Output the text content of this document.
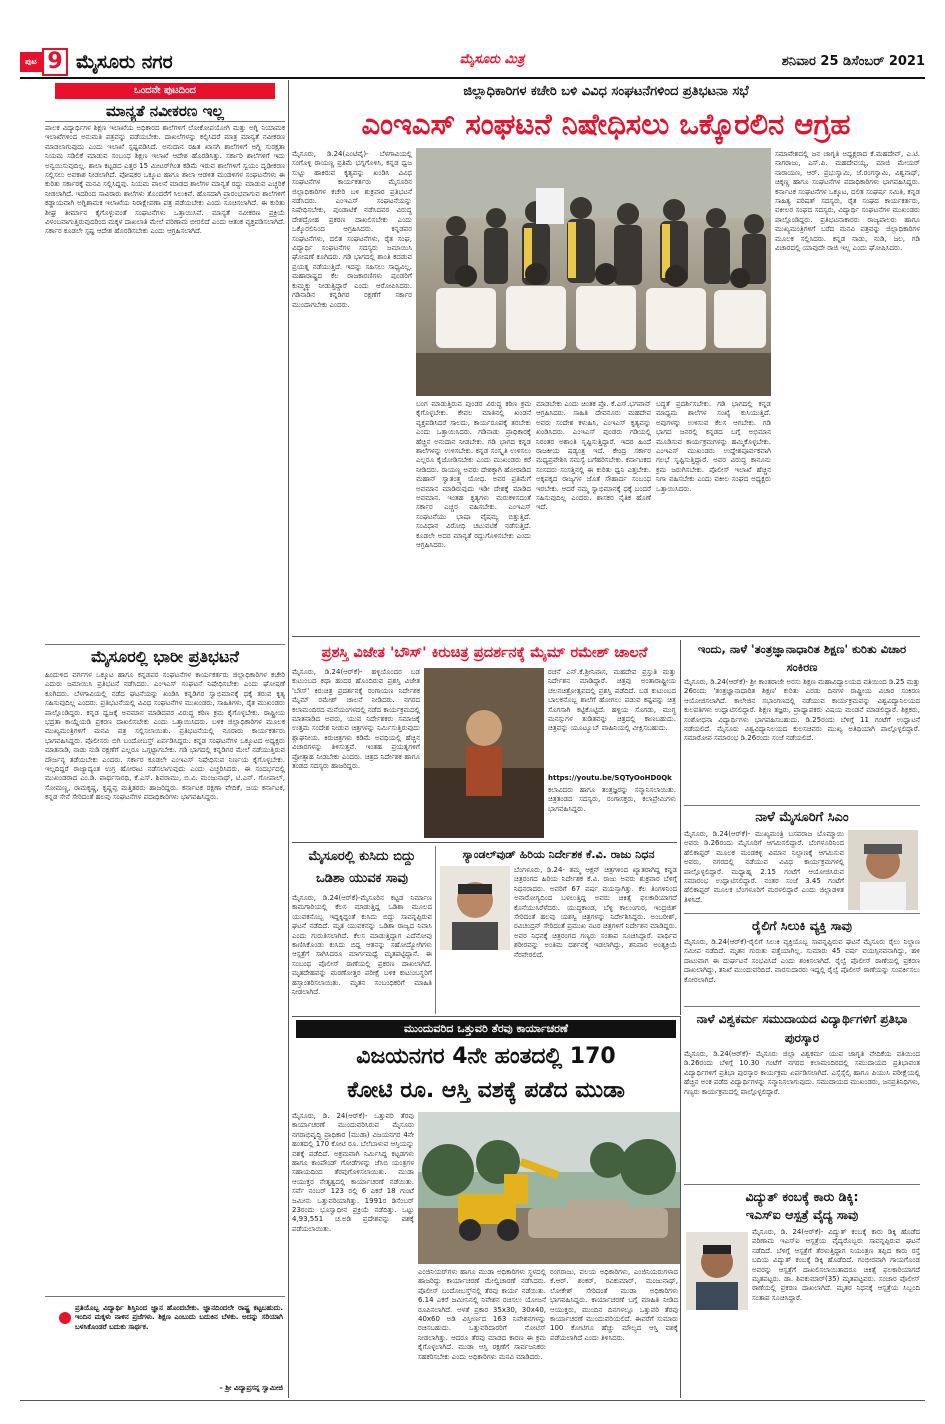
ಪುಟ 9 ಮೈಸೂರು ನಗರ	ಮೈಸೂರು ಮಿತ್ರ	ಶನಿವಾರ 25 ಡಿಸೆಂಬರ್ 2021
ಒಂದನೇ ಪುಟದಿಂದ
ಮಾನ್ಯತೆ ನವೀಕರಣ ಇಲ್ಲ
ಪಾಲಕ ವಿದ್ಯಾರ್ಥಿಗಳ ಶಿಕ್ಷಣ ಇಲಾಖೆಯ ಅಧಿಕಾರದ ಶಾಲೆಗಳಿಗೆ ಲೋಕೋಪಯೋಗಿ ಮತ್ತು ಅಗ್ನಿ ನಿಯಾಮಕ ಇಲಾಖೆಗಳಿಂದ ಅನುಮತಿ ಪತ್ರವನ್ನು ಪಡೆಯಬೇಕು. ದಾಖಲೆಗಳನ್ನು ಕಲ್ಪಿಸಿದರೆ ಮಾತ್ರ ಮಾನ್ಯತೆ ನವೀಕರಣ ಮಾಡಲಾಗುವುದು ಎಂದು ಇಲಾಖೆ ಸ್ಪಷ್ಟಪಡಿಸಿದೆ. ಅನುದಾನ ರಹಿತ ಖಾಸಗಿ ಶಾಲೆಗಳಿಗೆ ಅಗ್ನಿ ಸುರಕ್ಷತಾ ನಿಯಮ ಸಡಿಲಿಕೆ ಮಾಡುವ ಸಂಬಂಧ ಶಿಕ್ಷಣ ಇಲಾಖೆ ಆದೇಶ ಹೊರಡಿಸಿತ್ತು. ಸರ್ಕಾರಿ ಶಾಲೆಗಳಿಗೆ ಇದು ಅನ್ವಯಿಸುವುದಿಲ್ಲ. ಶಾಲಾ ಕಟ್ಟಡದ ಎತ್ತರ 15 ಮೀಟರ್‌ಗಿಂತ ಕಡಿಮೆ ಇರುವ ಶಾಲೆಗಳಿಗೆ ಸ್ವಯಂ ದೃಢೀಕರಣ ಸಲ್ಲಿಸಲು ಅವಕಾಶ ನೀಡಲಾಗಿದೆ. ಪೋಷಕರ ಒಕ್ಕೂಟ ಹಾಗೂ ಶಾಲಾ ಆಡಳಿತ ಮಂಡಳಿಗಳ ಸಂಘಟನೆಗಳು ಈ ಕುರಿತು ಸರ್ಕಾರಕ್ಕೆ ಮನವಿ ಸಲ್ಲಿಸಿದ್ದವು. ನಿಯಮ ಪಾಲನೆ ಮಾಡದ ಶಾಲೆಗಳ ಮಾನ್ಯತೆ ರದ್ದು ಮಾಡುವ ಎಚ್ಚರಿಕೆ ನೀಡಲಾಗಿದೆ. ಇದರಿಂದ ಸಾವಿರಾರು ಶಾಲೆಗಳು ತೊಂದರೆಗೆ ಸಿಲುಕಿವೆ. ಹೊಸದಾಗಿ ಪ್ರಾರಂಭವಾಗುವ ಶಾಲೆಗಳಿಗೆ ಕಡ್ಡಾಯವಾಗಿ ಅಗ್ನಿಶಾಮಕ ಇಲಾಖೆಯ ನಿರಾಕ್ಷೇಪಣಾ ಪತ್ರ ಪಡೆಯಬೇಕು ಎಂದು ಸೂಚಿಸಲಾಗಿದೆ. ಈ ಕುರಿತು ಶೀಘ್ರ ತೀರ್ಮಾನ ಕೈಗೊಳ್ಳುವಂತೆ ಸಂಘಟನೆಗಳು ಒತ್ತಾಯಿಸಿವೆ. ಮಾನ್ಯತೆ ನವೀಕರಣ ಪ್ರಕ್ರಿಯೆ ವಿಳಂಬವಾಗುತ್ತಿರುವುದರಿಂದ ಮಕ್ಕಳ ದಾಖಲಾತಿ ಮೇಲೆ ಪರಿಣಾಮ ಬೀರಲಿದೆ ಎಂದು ಆತಂಕ ವ್ಯಕ್ತಪಡಿಸಲಾಗಿದೆ. ಸರ್ಕಾರ ಕೂಡಲೇ ಸ್ಪಷ್ಟ ಆದೇಶ ಹೊರಡಿಸಬೇಕು ಎಂದು ಆಗ್ರಹಿಸಲಾಗಿದೆ.
ಮೈಸೂರಲ್ಲಿ ಭಾರೀ ಪ್ರತಿಭಟನೆ
ಹಿಂದುಳಿದ ವರ್ಗಗಳ ಒಕ್ಕೂಟ ಹಾಗೂ ಕನ್ನಡಪರ ಸಂಘಟನೆಗಳ ಕಾರ್ಯಕರ್ತರು ಜಿಲ್ಲಾಧಿಕಾರಿಗಳ ಕಚೇರಿ ಎದುರು ಜಮಾಯಿಸಿ ಪ್ರತಿಭಟನೆ ನಡೆಸಿದರು. ಎಂಇಎಸ್ ಸಂಘಟನೆ ನಿಷೇಧಿಸಬೇಕು ಎಂದು ಘೋಷಣೆ ಕೂಗಿದರು. ಬೆಳಗಾವಿಯಲ್ಲಿ ನಡೆದ ಘಟನೆಯನ್ನು ಖಂಡಿಸಿ ಕನ್ನಡಿಗರ ಸ್ವಾಭಿಮಾನಕ್ಕೆ ಧಕ್ಕೆ ತರುವ ಕೃತ್ಯ ಸಹಿಸುವುದಿಲ್ಲ ಎಂದರು. ಪ್ರತಿಭಟನೆಯಲ್ಲಿ ವಿವಿಧ ಸಂಘಟನೆಗಳ ಮುಖಂಡರು, ಸಾಹಿತಿಗಳು, ರೈತ ಮುಖಂಡರು ಪಾಲ್ಗೊಂಡಿದ್ದರು. ಕನ್ನಡ ಧ್ವಜಕ್ಕೆ ಅವಮಾನ ಮಾಡಿದವರ ವಿರುದ್ಧ ಕಠಿಣ ಕ್ರಮ ಕೈಗೊಳ್ಳಬೇಕು. ರಾಷ್ಟ್ರೀಯ ಭದ್ರತಾ ಕಾಯ್ದೆಯಡಿ ಪ್ರಕರಣ ದಾಖಲಿಸಬೇಕು ಎಂದು ಒತ್ತಾಯಿಸಿದರು. ಬಳಿಕ ಜಿಲ್ಲಾಧಿಕಾರಿಗಳ ಮೂಲಕ ಮುಖ್ಯಮಂತ್ರಿಗಳಿಗೆ ಮನವಿ ಪತ್ರ ಸಲ್ಲಿಸಲಾಯಿತು. ಪ್ರತಿಭಟನೆಯಲ್ಲಿ ನೂರಾರು ಕಾರ್ಯಕರ್ತರು ಭಾಗವಹಿಸಿದ್ದರು. ಪೊಲೀಸರು ಬಿಗಿ ಬಂದೋಬಸ್ತ್ ಏರ್ಪಡಿಸಿದ್ದರು. ಕನ್ನಡ ಸಂಘಟನೆಗಳ ಒಕ್ಕೂಟದ ಅಧ್ಯಕ್ಷರು ಮಾತನಾಡಿ, ನಾಡು ನುಡಿ ರಕ್ಷಣೆಗೆ ಎಲ್ಲರೂ ಒಗ್ಗಟ್ಟಾಗಬೇಕು. ಗಡಿ ಭಾಗದಲ್ಲಿ ಕನ್ನಡಿಗರ ಮೇಲೆ ನಡೆಯುತ್ತಿರುವ ದೌರ್ಜನ್ಯ ತಡೆಯಬೇಕು ಎಂದರು. ಸರ್ಕಾರ ಕೂಡಲೇ ಎಂಇಎಸ್ ನಿಷೇಧಿಸುವ ನಿರ್ಣಯ ಕೈಗೊಳ್ಳಬೇಕು. ಇಲ್ಲದಿದ್ದರೆ ರಾಜ್ಯಾದ್ಯಂತ ಉಗ್ರ ಹೋರಾಟ ನಡೆಸಲಾಗುವುದು ಎಂದು ಎಚ್ಚರಿಸಿದರು. ಈ ಸಂದರ್ಭದಲ್ಲಿ ಮುಖಂಡರಾದ ಎಂ.ಡಿ. ಪಾರ್ಥಸಾರಥಿ, ಕೆ.ಎಸ್. ಶಿವರಾಮು, ಬಿ.ವಿ. ಮಂಜುನಾಥ್, ಟಿ.ಎನ್. ಗೋಪಾಲ್, ಸೋಮಣ್ಣ, ರಾಮಕೃಷ್ಣ, ಕೃಷ್ಣಪ್ಪ ಮತ್ತಿತರರು ಹಾಜರಿದ್ದರು. ಕರ್ನಾಟಕ ರಕ್ಷಣಾ ವೇದಿಕೆ, ಜಯ ಕರ್ನಾಟಕ, ಕನ್ನಡ ಸೇನೆ ಸೇರಿದಂತೆ ಹಲವು ಸಂಘಟನೆಗಳ ಪದಾಧಿಕಾರಿಗಳು ಭಾಗವಹಿಸಿದ್ದರು.
ಪ್ರತಿಯೊಬ್ಬ ವಿದ್ಯಾರ್ಥಿ ಶಿಸ್ತಿನಿಂದ ಜ್ಞಾನ ಹೊಂದಬೇಕು. ಜ್ಞಾನದಿಂದಲೇ ರಾಷ್ಟ್ರ ಕಟ್ಟಬಹುದು. ಇಂದಿನ ಮಕ್ಕಳು ನಾಳಿನ ಪ್ರಜೆಗಳು. ಶಿಕ್ಷಣ ಎಂಬುದು ಬದುಕಿನ ಬೆಳಕು. ಅದನ್ನು ಸರಿಯಾಗಿ ಬಳಸಿಕೊಂಡರೆ ಬದುಕು ಸಾರ್ಥಕ.
– ಶ್ರೀ ವಿದ್ಯಾಪ್ರಸನ್ನ ಸ್ವಾಮೀಜಿ
ಜಿಲ್ಲಾಧಿಕಾರಿಗಳ ಕಚೇರಿ ಬಳಿ ವಿವಿಧ ಸಂಘಟನೆಗಳಿಂದ ಪ್ರತಿಭಟನಾ ಸಭೆ
ಎಂಇಎಸ್ ಸಂಘಟನೆ ನಿಷೇಧಿಸಲು ಒಕ್ಕೊರಲಿನ ಆಗ್ರಹ
ಮೈಸೂರು, ಡಿ.24(ಎಂಟಿವೈ)- ಬೆಳಗಾವಿಯಲ್ಲಿ ಸಂಗೊಳ್ಳಿ ರಾಯಣ್ಣ ಪ್ರತಿಮೆ ಭಗ್ನಗೊಳಿಸಿ, ಕನ್ನಡ ಧ್ವಜ ಸುಟ್ಟು ಹಾಕಿರುವ ಕೃತ್ಯವನ್ನು ಖಂಡಿಸಿ ವಿವಿಧ ಸಂಘಟನೆಗಳ ಕಾರ್ಯಕರ್ತರು ಮೈಸೂರಿನ ಜಿಲ್ಲಾಧಿಕಾರಿಗಳ ಕಚೇರಿ ಬಳಿ ಶುಕ್ರವಾರ ಪ್ರತಿಭಟನೆ ನಡೆಸಿದರು. ಎಂಇಎಸ್ ಸಂಘಟನೆಯನ್ನು ನಿಷೇಧಿಸಬೇಕು, ಪುಂಡಾಟಿಕೆ ನಡೆಸಿದವರ ವಿರುದ್ಧ ದೇಶದ್ರೋಹ ಪ್ರಕರಣ ದಾಖಲಿಸಬೇಕು ಎಂದು ಒಕ್ಕೊರಲಿನಿಂದ ಆಗ್ರಹಿಸಿದರು. ಕನ್ನಡಪರ ಸಂಘಟನೆಗಳು, ದಲಿತ ಸಂಘಟನೆಗಳು, ರೈತ ಸಂಘ, ವಿದ್ಯಾರ್ಥಿ ಸಂಘಟನೆಗಳ ಸದಸ್ಯರು ಜಮಾಯಿಸಿ ಘೋಷಣೆ ಕೂಗಿದರು. ಗಡಿ ಭಾಗದಲ್ಲಿ ಶಾಂತಿ ಕದಡುವ ಪ್ರಯತ್ನ ನಡೆಯುತ್ತಿದೆ. ಇದನ್ನು ಸಹಿಸಲು ಸಾಧ್ಯವಿಲ್ಲ. ಮಹಾರಾಷ್ಟ್ರದ ಕೆಲ ರಾಜಕಾರಣಿಗಳು ಪುಂಡರಿಗೆ ಕುಮ್ಮಕ್ಕು ನೀಡುತ್ತಿದ್ದಾರೆ ಎಂದು ಆರೋಪಿಸಿದರು. ಗಡಿನಾಡಿನ ಕನ್ನಡಿಗರ ರಕ್ಷಣೆಗೆ ಸರ್ಕಾರ ಮುಂದಾಗಬೇಕು ಎಂದರು.
ಸಮಾವೇಶದಲ್ಲಿ ಜನ ಜಾಗೃತಿ ಅಧ್ಯಕ್ಷರಾದ ಕೆ.ಮಹದೇವ್, ಎ.ಟಿ. ನಾಗರಾಜು, ಎಸ್.ಪಿ. ಮಹದೇವಯ್ಯ, ಮಾಜಿ ಮೇಯರ್ ನಾರಾಯಣ, ಆರ್. ಪ್ರಭುಸ್ವಾಮಿ, ಜೆ.ರಂಗಸ್ವಾಮಿ, ವಿಶ್ವನಾಥ್, ಚಿಕ್ಕಣ್ಣ ಹಾಗೂ ಸಂಘಟನೆಗಳ ಪದಾಧಿಕಾರಿಗಳು ಭಾಗವಹಿಸಿದ್ದರು. ಕರ್ನಾಟಕ ಸಂಘಟನೆಗಳ ಒಕ್ಕೂಟ, ದಲಿತ ಸಂಘರ್ಷ ಸಮಿತಿ, ಕನ್ನಡ ಸಾಹಿತ್ಯ ಪರಿಷತ್ ಸದಸ್ಯರು, ರೈತ ಸಂಘದ ಕಾರ್ಯಕರ್ತರು, ವಕೀಲರ ಸಂಘದ ಸದಸ್ಯರು, ವಿದ್ಯಾರ್ಥಿ ಸಂಘಟನೆಗಳ ಮುಖಂಡರು ಪಾಲ್ಗೊಂಡಿದ್ದರು. ಪ್ರತಿಭಟನಾಕಾರರು ರಾಜ್ಯಪಾಲರು ಹಾಗೂ ಮುಖ್ಯಮಂತ್ರಿಗಳಿಗೆ ಬರೆದ ಮನವಿ ಪತ್ರವನ್ನು ಜಿಲ್ಲಾಧಿಕಾರಿಗಳ ಮೂಲಕ ಸಲ್ಲಿಸಿದರು. ಕನ್ನಡ ನಾಡು, ನುಡಿ, ಜಲ, ಗಡಿ ವಿಚಾರದಲ್ಲಿ ಯಾವುದೇ ರಾಜಿ ಇಲ್ಲ ಎಂದು ಘೋಷಿಸಿದರು.
ಬಂಗ ಮಾಡುತ್ತಿರುವ ಪುಂಡರ ವಿರುದ್ಧ ಕಠಿಣ ಕ್ರಮ ಕೈಗೊಳ್ಳಬೇಕು. ಕೇವಲ ಮಾತಿನಲ್ಲಿ ಖಂಡನೆ ವ್ಯಕ್ತಪಡಿಸಿದರೆ ಸಾಲದು, ಕಾರ್ಯರೂಪಕ್ಕೆ ತರಬೇಕು ಎಂದು ಒತ್ತಾಯಿಸಿದರು. ಗಡಿನಾಡು ಪ್ರಾಧಿಕಾರಕ್ಕೆ ಹೆಚ್ಚಿನ ಅನುದಾನ ನೀಡಬೇಕು. ಗಡಿ ಭಾಗದ ಕನ್ನಡ ಶಾಲೆಗಳನ್ನು ಉಳಿಸಬೇಕು. ಕನ್ನಡ ಸಂಸ್ಕೃತಿ ಉಳಿಸಲು ಎಲ್ಲರೂ ಕೈಜೋಡಿಸಬೇಕು ಎಂದು ಮುಖಂಡರು ಕರೆ ನೀಡಿದರು. ರಾಯಣ್ಣ ಅವರು ದೇಶಕ್ಕಾಗಿ ಹೋರಾಡಿದ ಮಹಾನ್ ಸ್ವಾತಂತ್ರ್ಯ ಯೋಧ. ಅವರ ಪ್ರತಿಮೆಗೆ ಅವಮಾನ ಮಾಡಿರುವುದು ಇಡೀ ದೇಶಕ್ಕೆ ಮಾಡಿದ ಅವಮಾನ. ಇಂತಹ ಕೃತ್ಯಗಳು ಮರುಕಳಿಸದಂತೆ ಸರ್ಕಾರ ಎಚ್ಚರ ವಹಿಸಬೇಕು. ಎಂಇಎಸ್ ಸಂಘಟನೆಯು ಭಾಷಾ ವೈಷಮ್ಯ ಬಿತ್ತುತ್ತಿದೆ. ಸಂವಿಧಾನ ವಿರೋಧಿ ಚಟುವಟಿಕೆ ನಡೆಸುತ್ತಿದೆ. ಕೂಡಲೇ ಅದರ ಮಾನ್ಯತೆ ರದ್ದುಗೊಳಿಸಬೇಕು ಎಂದು ಆಗ್ರಹಿಸಿದರು.
ಮಾಡಬೇಕು ಎಂದು ಚಿಂತಕ ಪ್ರೊ. ಕೆ.ಎಸ್.ಭಗವಾನ್ ಆಗ್ರಹಿಸಿದರು. ಸಾಹಿತಿ ದೇವನೂರು ಮಹದೇವ ಅವರು ಸಂದೇಶ ಕಳುಹಿಸಿ, ಎಂಇಎಸ್ ಕೃತ್ಯವನ್ನು ಖಂಡಿಸಿದರು. ಎಂಇಎಸ್ ಪುಂಡರು ಗಡಿಯಲ್ಲಿ ನಿರಂತರ ಅಶಾಂತಿ ಸೃಷ್ಟಿಸುತ್ತಿದ್ದಾರೆ. ಇದರ ಹಿಂದೆ ರಾಜಕೀಯ ಷಡ್ಯಂತ್ರ ಇದೆ. ಕೇಂದ್ರ ಸರ್ಕಾರ ಮಧ್ಯಪ್ರವೇಶಿಸಿ ಸಮಸ್ಯೆ ಬಗೆಹರಿಸಬೇಕು. ಕರ್ನಾಟಕದ ಸಂಸದರು ಸಂಸತ್ತಿನಲ್ಲಿ ಈ ಕುರಿತು ಧ್ವನಿ ಎತ್ತಬೇಕು. ಅಕ್ಕಪಕ್ಕದ ರಾಜ್ಯಗಳ ಜೊತೆ ಸೌಹಾರ್ದ ಸಂಬಂಧ ಇರಬೇಕು. ಆದರೆ ನಮ್ಮ ಸ್ವಾಭಿಮಾನಕ್ಕೆ ಧಕ್ಕೆ ಬಂದರೆ ಸಹಿಸುವುದಿಲ್ಲ ಎಂದರು. ಶಾಸಕರ ನೈತಿಕ ಹೊಣೆ ಇದೆ.
ಬದ್ಧತೆ ಪ್ರದರ್ಶಿಸಬೇಕು. ಗಡಿ ಭಾಗದಲ್ಲಿ ಕನ್ನಡ ಮಾಧ್ಯಮ ಶಾಲೆಗಳ ಸಂಖ್ಯೆ ಕುಸಿಯುತ್ತಿದೆ. ಅವುಗಳನ್ನು ಉಳಿಸುವ ಕೆಲಸ ಆಗಬೇಕು. ಗಡಿ ಭಾಗದ ಜನರಲ್ಲಿ ಕನ್ನಡದ ಬಗ್ಗೆ ಅಭಿಮಾನ ಮೂಡಿಸುವ ಕಾರ್ಯಕ್ರಮಗಳನ್ನು ಹಮ್ಮಿಕೊಳ್ಳಬೇಕು. ಎಂಇಎಸ್ ಮುಖಂಡರು ಉದ್ದೇಶಪೂರ್ವಕವಾಗಿ ಗಲಭೆ ಸೃಷ್ಟಿಸುತ್ತಿದ್ದಾರೆ. ಅವರ ವಿರುದ್ಧ ಕಾನೂನು ಕ್ರಮ ಜರುಗಿಸಬೇಕು. ಪೊಲೀಸ್ ಇಲಾಖೆ ಹೆಚ್ಚಿನ ನಿಗಾ ವಹಿಸಬೇಕು ಎಂದು ವಕೀಲ ಸಂಘದ ಅಧ್ಯಕ್ಷರು ಒತ್ತಾಯಿಸಿದರು.
ಪ್ರಶಸ್ತಿ ವಿಜೇತ 'ಬೌಸ್' ಕಿರುಚಿತ್ರ ಪ್ರದರ್ಶನಕ್ಕೆ ಮೈಮ್ ರಮೇಶ್ ಚಾಲನೆ
ಮೈಸೂರು, ಡಿ.24(ಆರ್‌ಕೆ)- ಹಳ್ಳಿಯೊಂದರ ಬಡ ಕುಟುಂಬದ ಕಥಾ ಹಂದರ ಹೊಂದಿರುವ ಪ್ರಶಸ್ತಿ ವಿಜೇತ 'ಬೌಸ್' ಕಿರುಚಿತ್ರ ಪ್ರದರ್ಶನಕ್ಕೆ ರಂಗಾಯಣ ನಿರ್ದೇಶಕ ಮೈಮ್ ರಮೇಶ್ ಚಾಲನೆ ನೀಡಿದರು. ನಗರದ ಕಲಾಮಂದಿರದ ಮನೆಯಂಗಳದಲ್ಲಿ ನಡೆದ ಕಾರ್ಯಕ್ರಮದಲ್ಲಿ ಮಾತನಾಡಿದ ಅವರು, ಯುವ ನಿರ್ದೇಶಕರು ಸಮಾಜಕ್ಕೆ ಉತ್ತಮ ಸಂದೇಶ ನೀಡುವ ಚಿತ್ರಗಳನ್ನು ನಿರ್ಮಿಸುತ್ತಿರುವುದು ಶ್ಲಾಘನೀಯ. ಕಿರುಚಿತ್ರಗಳು ಕಡಿಮೆ ಅವಧಿಯಲ್ಲಿ ಹೆಚ್ಚಿನ ವಿಚಾರಗಳನ್ನು ತಿಳಿಸುತ್ತವೆ. ಇಂತಹ ಪ್ರಯತ್ನಗಳಿಗೆ ಪ್ರೋತ್ಸಾಹ ನೀಡಬೇಕು ಎಂದರು. ಚಿತ್ರದ ನಿರ್ದೇಶಕ ಹಾಗೂ ತಂಡದ ಸದಸ್ಯರು ಹಾಜರಿದ್ದರು.
ರಚನೆ ಎನ್.ಕೆ.ಶ್ರೀನಿವಾಸ, ಮಹದೇವ ಪ್ರಸ್ತುತಿ ಮತ್ತು ನಿರ್ದೇಶನ ಮಾಡಿದ್ದಾರೆ. ಚಿತ್ರವು ಅಂತಾರಾಷ್ಟ್ರೀಯ ಚಲನಚಿತ್ರೋತ್ಸವದಲ್ಲಿ ಪ್ರಶಸ್ತಿ ಪಡೆದಿದೆ. ಬಡ ಕುಟುಂಬದ ಬಾಲಕನೊಬ್ಬ ಶಾಲೆಗೆ ಹೋಗಲು ಪಡುವ ಕಷ್ಟವನ್ನು ಚಿತ್ರ ಸೊಗಸಾಗಿ ಕಟ್ಟಿಕೊಟ್ಟಿದೆ. ಹಳ್ಳಿಯ ಸೊಗಡು, ಮುಗ್ಧ ಮನಸ್ಸುಗಳ ತುಡಿತವನ್ನು ಚಿತ್ರದಲ್ಲಿ ಕಾಣಬಹುದು. ಚಿತ್ರವನ್ನು ಯೂಟ್ಯೂಬ್ ವಾಹಿನಿಯಲ್ಲಿ ವೀಕ್ಷಿಸಬಹುದು.
https://youtu.be/SQTyOoHD0Qk
ಕಲಾವಿದರು ಹಾಗೂ ತಂತ್ರಜ್ಞರನ್ನು ಸನ್ಮಾನಿಸಲಾಯಿತು. ಚಿತ್ರತಂಡದ ಸದಸ್ಯರು, ರಂಗಾಸಕ್ತರು, ಕಲಾಪ್ರೇಮಿಗಳು ಭಾಗವಹಿಸಿದ್ದರು.
ಮೈಸೂರಲ್ಲಿ ಕುಸಿದು ಬಿದ್ದು ಒಡಿಶಾ ಯುವಕ ಸಾವು
ಮೈಸೂರು, ಡಿ.24(ಆರ್‌ಕೆ)-ಮೈಸೂರಿನ ಕಟ್ಟಡ ನಿರ್ಮಾಣ ಕಾಮಗಾರಿಯಲ್ಲಿ ಕೆಲಸ ಮಾಡುತ್ತಿದ್ದ ಒಡಿಶಾ ಮೂಲದ ಯುವಕನೊಬ್ಬ ಇದ್ದಕ್ಕಿದ್ದಂತೆ ಕುಸಿದು ಬಿದ್ದು ಸಾವನ್ನಪ್ಪಿರುವ ಘಟನೆ ನಡೆದಿದೆ. ಮೃತ ಯುವಕನನ್ನು ಒಡಿಶಾ ರಾಜ್ಯದ ನಿವಾಸಿ ಎಂದು ಗುರುತಿಸಲಾಗಿದೆ. ಕೆಲಸ ಮಾಡುತ್ತಿದ್ದಾಗ ಎದೆನೋವು ಕಾಣಿಸಿಕೊಂಡು ಕುಸಿದು ಬಿದ್ದ ಆತನನ್ನು ಸಹೋದ್ಯೋಗಿಗಳು ಆಸ್ಪತ್ರೆಗೆ ಸಾಗಿಸಿದರೂ ಮಾರ್ಗಮಧ್ಯೆ ಮೃತಪಟ್ಟಿದ್ದಾನೆ. ಈ ಸಂಬಂಧ ಪೊಲೀಸ್ ಠಾಣೆಯಲ್ಲಿ ಪ್ರಕರಣ ದಾಖಲಾಗಿದೆ. ಮೃತದೇಹವನ್ನು ಮರಣೋತ್ತರ ಪರೀಕ್ಷೆ ಬಳಿಕ ಕುಟುಂಬಸ್ಥರಿಗೆ ಹಸ್ತಾಂತರಿಸಲಾಯಿತು. ಮೃತನ ಸಂಬಂಧಿಕರಿಗೆ ಮಾಹಿತಿ ನೀಡಲಾಗಿದೆ.
ಸ್ಯಾಂಡಲ್‌ವುಡ್ ಹಿರಿಯ ನಿರ್ದೇಶಕ ಕೆ.ವಿ. ರಾಜು ನಿಧನ
ಬೆಂಗಳೂರು, ಡಿ.24- ತಮ್ಮ ಆಕ್ಷನ್ ಚಿತ್ರಗಳಿಂದ ಖ್ಯಾತರಾಗಿದ್ದ ಕನ್ನಡ ಚಿತ್ರರಂಗದ ಹಿರಿಯ ನಿರ್ದೇಶಕ ಕೆ.ವಿ. ರಾಜು ಅವರು ಶುಕ್ರವಾರ ಬೆಳಿಗ್ಗೆ ನಿಧನರಾದರು. ಅವರಿಗೆ 67 ವರ್ಷ ವಯಸ್ಸಾಗಿತ್ತು. ಕೆಲ ತಿಂಗಳಿನಿಂದ ಅನಾರೋಗ್ಯದಿಂದ ಬಳಲುತ್ತಿದ್ದ ಅವರು ಚಿಕಿತ್ಸೆ ಫಲಕಾರಿಯಾಗದೆ ಕೊನೆಯುಸಿರೆಳೆದರು. ಯುದ್ಧಕಾಂಡ, ಬೆಳ್ಳಿ ಕಾಲುಂಗುರ, ಇಂದ್ರಜಿತ್ ಸೇರಿದಂತೆ ಹಲವು ಯಶಸ್ವಿ ಚಿತ್ರಗಳನ್ನು ನಿರ್ದೇಶಿಸಿದ್ದರು. ಅಂಬರೀಶ್, ರವಿಚಂದ್ರನ್ ಸೇರಿದಂತೆ ಪ್ರಮುಖ ನಟರ ಚಿತ್ರಗಳಿಗೆ ನಿರ್ದೇಶನ ಮಾಡಿದ್ದರು. ಅವರ ನಿಧನಕ್ಕೆ ಚಿತ್ರರಂಗದ ಗಣ್ಯರು ಸಂತಾಪ ಸೂಚಿಸಿದ್ದಾರೆ. ಪಾರ್ಥಿವ ಶರೀರವನ್ನು ಅಂತಿಮ ದರ್ಶನಕ್ಕೆ ಇಡಲಾಗಿದ್ದು, ಶನಿವಾರ ಅಂತ್ಯಕ್ರಿಯೆ ನೆರವೇರಲಿದೆ.
ಇಂದು, ನಾಳೆ 'ತಂತ್ರಜ್ಞಾನಾಧಾರಿತ ಶಿಕ್ಷಣ' ಕುರಿತು ವಿಚಾರ ಸಂಕಿರಣ
ಮೈಸೂರು, ಡಿ.24(ಆರ್‌ಕೆ)- ಶ್ರೀ ಕಾಂತರಾಜೇ ಅರಸು ಶಿಕ್ಷಣ ಮಹಾವಿದ್ಯಾಲಯದ ವತಿಯಿಂದ ಡಿ.25 ಮತ್ತು 26ರಂದು 'ತಂತ್ರಜ್ಞಾನಾಧಾರಿತ ಶಿಕ್ಷಣ' ಕುರಿತು ಎರಡು ದಿನಗಳ ರಾಷ್ಟ್ರೀಯ ವಿಚಾರ ಸಂಕಿರಣ ಆಯೋಜಿಸಲಾಗಿದೆ. ಕಾಲೇಜಿನ ಸಭಾಂಗಣದಲ್ಲಿ ನಡೆಯುವ ಕಾರ್ಯಕ್ರಮವನ್ನು ವಿಶ್ವವಿದ್ಯಾನಿಲಯದ ಕುಲಪತಿಗಳು ಉದ್ಘಾಟಿಸಲಿದ್ದಾರೆ. ಶಿಕ್ಷಣ ತಜ್ಞರು, ಪ್ರಾಧ್ಯಾಪಕರು ವಿಷಯ ಮಂಡನೆ ಮಾಡಲಿದ್ದಾರೆ. ಶಿಕ್ಷಕರು, ಸಂಶೋಧನಾ ವಿದ್ಯಾರ್ಥಿಗಳು ಭಾಗವಹಿಸಬಹುದು. ಡಿ.25ರಂದು ಬೆಳಿಗ್ಗೆ 11 ಗಂಟೆಗೆ ಉದ್ಘಾಟನೆ ನಡೆಯಲಿದೆ. ಮೈಸೂರು ವಿಶ್ವವಿದ್ಯಾನಿಲಯದ ಕುಲಸಚಿವರು ಮುಖ್ಯ ಅತಿಥಿಯಾಗಿ ಪಾಲ್ಗೊಳ್ಳಲಿದ್ದಾರೆ. ಸಮಾರೋಪ ಸಮಾರಂಭ ಡಿ.26ರಂದು ಸಂಜೆ ನಡೆಯಲಿದೆ.
ನಾಳೆ ಮೈಸೂರಿಗೆ ಸಿಎಂ
ಮೈಸೂರು, ಡಿ.24(ಆರ್‌ಕೆ)- ಮುಖ್ಯಮಂತ್ರಿ ಬಸವರಾಜ ಬೊಮ್ಮಾಯಿ ಅವರು ಡಿ.26ರಂದು ಮೈಸೂರಿಗೆ ಆಗಮಿಸಲಿದ್ದಾರೆ. ಬೆಂಗಳೂರಿನಿಂದ ಹೆಲಿಕಾಪ್ಟರ್ ಮೂಲಕ ಮಂಡಕಳ್ಳಿ ವಿಮಾನ ನಿಲ್ದಾಣಕ್ಕೆ ಆಗಮಿಸುವ ಅವರು, ನಗರದಲ್ಲಿ ನಡೆಯುವ ವಿವಿಧ ಕಾರ್ಯಕ್ರಮಗಳಲ್ಲಿ ಪಾಲ್ಗೊಳ್ಳಲಿದ್ದಾರೆ. ಮಧ್ಯಾಹ್ನ 2.15 ಗಂಟೆಗೆ ಆಯೋಜಿಸಿರುವ ಸಮಾರಂಭ ಉದ್ಘಾಟಿಸಲಿದ್ದಾರೆ. ನಂತರ ಸಂಜೆ 3.45 ಗಂಟೆಗೆ ಹೆಲಿಕಾಪ್ಟರ್ ಮೂಲಕ ಬೆಂಗಳೂರಿಗೆ ಮರಳಲಿದ್ದಾರೆ ಎಂದು ಜಿಲ್ಲಾಡಳಿತ ತಿಳಿಸಿದೆ.
ರೈಲಿಗೆ ಸಿಲುಕಿ ವ್ಯಕ್ತಿ ಸಾವು
ಮೈಸೂರು, ಡಿ.24(ಆರ್‌ಕೆ)-ರೈಲಿಗೆ ಸಿಲುಕಿ ವ್ಯಕ್ತಿಯೊಬ್ಬ ಸಾವನ್ನಪ್ಪಿರುವ ಘಟನೆ ಮೈಸೂರು ರೈಲು ನಿಲ್ದಾಣ ಸಮೀಪ ನಡೆದಿದೆ. ಮೃತನ ಗುರುತು ಪತ್ತೆಯಾಗಿಲ್ಲ. ಸುಮಾರು 45 ವರ್ಷ ವಯಸ್ಸಿನವನಾಗಿದ್ದು, ಹಳಿ ದಾಟುವಾಗ ಈ ದುರ್ಘಟನೆ ಸಂಭವಿಸಿದೆ ಎಂದು ಶಂಕಿಸಲಾಗಿದೆ. ರೈಲ್ವೆ ಪೊಲೀಸ್ ಠಾಣೆಯಲ್ಲಿ ಪ್ರಕರಣ ದಾಖಲಾಗಿದ್ದು, ತನಿಖೆ ಮುಂದುವರಿದಿದೆ. ವಾರಸುದಾರರು ಇದ್ದಲ್ಲಿ ರೈಲ್ವೆ ಪೊಲೀಸ್ ಠಾಣೆಯನ್ನು ಸಂಪರ್ಕಿಸಲು ಕೋರಲಾಗಿದೆ.
ಮುಂದುವರಿದ ಒತ್ತುವರಿ ತೆರವು ಕಾರ್ಯಾಚರಣೆ
ವಿಜಯನಗರ 4ನೇ ಹಂತದಲ್ಲಿ 170
ಕೋಟಿ ರೂ. ಆಸ್ತಿ ವಶಕ್ಕೆ ಪಡೆದ ಮುಡಾ
ಮೈಸೂರು, ಡಿ. 24(ಆರ್‌ಕೆ)- ಒತ್ತುವರಿ ತೆರವು ಕಾರ್ಯಾಚರಣೆ ಮುಂದುವರಿಸಿರುವ ಮೈಸೂರು ನಗರಾಭಿವೃದ್ಧಿ ಪ್ರಾಧಿಕಾರ (ಮುಡಾ) ವಿಜಯನಗರ 4ನೇ ಹಂತದಲ್ಲಿ 170 ಕೋಟಿ ರೂ. ಬೆಲೆಬಾಳುವ ಆಸ್ತಿಯನ್ನು ವಶಕ್ಕೆ ಪಡೆದಿದೆ. ಅಕ್ರಮವಾಗಿ ನಿರ್ಮಿಸಿದ್ದ ಕಟ್ಟಡಗಳು ಹಾಗೂ ಕಾಂಪೌಂಡ್ ಗೋಡೆಗಳನ್ನು ಜೆಸಿಬಿ ಯಂತ್ರಗಳ ಸಹಾಯದಿಂದ ತೆರವುಗೊಳಿಸಲಾಯಿತು. ಮುಡಾ ಆಯುಕ್ತರ ನೇತೃತ್ವದಲ್ಲಿ ಕಾರ್ಯಾಚರಣೆ ನಡೆಯಿತು. ಸರ್ವೆ ನಂಬರ್ 123 ರಲ್ಲಿ 6 ಎಕರೆ 18 ಗುಂಟೆ ಜಮೀನು ಒತ್ತುವರಿಯಾಗಿತ್ತು. 1991ರ ಡಿಸೆಂಬರ್ 23ರಂದು ಭೂಸ್ವಾಧೀನ ಪ್ರಕ್ರಿಯೆ ನಡೆದಿತ್ತು. ಒಟ್ಟು 4,93,551 ಚ.ಅಡಿ ಪ್ರದೇಶವನ್ನು ವಶಕ್ಕೆ ಪಡೆಯಲಾಯಿತು.
ಎಂಜಿನಿಯರ್‌ಗಳು ಹಾಗೂ ಮುಡಾ ಅಧಿಕಾರಿಗಳು ಸ್ಥಳದಲ್ಲಿ ಹಾಜರಿದ್ದು ಕಾರ್ಯಾಚರಣೆ ಮೇಲ್ವಿಚಾರಣೆ ನಡೆಸಿದರು. ಪೊಲೀಸ್ ಬಂದೋಬಸ್ತ್‌ನಲ್ಲಿ ತೆರವು ಕಾರ್ಯ ನಡೆಯಿತು. 6.14 ಎಕರೆ ಜಮೀನಿನಲ್ಲಿ ನಿವೇಶನ ರಚಿಸಲು ಯೋಜನೆ ರೂಪಿಸಲಾಗಿದೆ. ಅಳತೆ ಪ್ರಕಾರ 35x30, 30x40, 40x60 ಅಡಿ ವಿಸ್ತೀರ್ಣದ 163 ನಿವೇಶನಗಳನ್ನು ರಚಿಸಬಹುದು. ಒತ್ತುವರಿದಾರರಿಗೆ ನೋಟಿಸ್ ನೀಡಲಾಗಿತ್ತು. ಆದರೂ ತೆರವು ಮಾಡದ ಕಾರಣ ಈ ಕ್ರಮ ಕೈಗೊಳ್ಳಲಾಗಿದೆ. ಮುಡಾ ಆಸ್ತಿ ರಕ್ಷಣೆಗೆ ಸಾರ್ವಜನಿಕರು ಸಹಕರಿಸಬೇಕು ಎಂದು ಅಧಿಕಾರಿಗಳು ಮನವಿ ಮಾಡಿದರು.
ರಂಗರಾಜು, ವಲಯ ಅಧಿಕಾರಿಗಳು, ಎಂಜಿನಿಯರುಗಳಾದ ಕೆ.ಆರ್. ಶಂಕರ್, ರವಿಕುಮಾರ್, ಮಂಜುನಾಥ್, ಲೋಕೇಶ್ ಸೇರಿದಂತೆ ಮುಡಾ ಅಧಿಕಾರಿಗಳು ಭಾಗವಹಿಸಿದ್ದರು. ಕಾರ್ಯಾಚರಣೆ ಬಗ್ಗೆ ಮಾಹಿತಿ ನೀಡಿದ ಆಯುಕ್ತರು, ಮುಂದಿನ ದಿನಗಳಲ್ಲೂ ಒತ್ತುವರಿ ತೆರವು ಕಾರ್ಯಾಚರಣೆ ಮುಂದುವರಿಯಲಿದೆ. ಈವರೆಗೆ ಸುಮಾರು 100 ಕೋಟಿಗೂ ಹೆಚ್ಚು ಮೌಲ್ಯದ ಆಸ್ತಿ ವಶಕ್ಕೆ ಪಡೆಯಲಾಗಿದೆ ಎಂದು ತಿಳಿಸಿದರು.
ನಾಳೆ ವಿಶ್ವಕರ್ಮ ಸಮುದಾಯದ ವಿದ್ಯಾರ್ಥಿಗಳಿಗೆ ಪ್ರತಿಭಾ ಪುರಸ್ಕಾರ
ಮೈಸೂರು, ಡಿ.24(ಆರ್‌ಕೆ)- ಮೈಸೂರು ಜಿಲ್ಲಾ ವಿಶ್ವಕರ್ಮ ಯುವ ಜಾಗೃತಿ ವೇದಿಕೆಯ ವತಿಯಿಂದ ಡಿ.26ರಂದು ಬೆಳಿಗ್ಗೆ 10.30 ಗಂಟೆಗೆ ನಗರದ ಕಲಾಮಂದಿರದಲ್ಲಿ ಸಮುದಾಯದ ಪ್ರತಿಭಾವಂತ ವಿದ್ಯಾರ್ಥಿಗಳಿಗೆ ಪ್ರತಿಭಾ ಪುರಸ್ಕಾರ ಕಾರ್ಯಕ್ರಮ ಏರ್ಪಡಿಸಲಾಗಿದೆ. ಎಸ್ಸೆಸ್ಸೆಲ್ಸಿ ಹಾಗೂ ಪಿಯುಸಿ ಪರೀಕ್ಷೆಯಲ್ಲಿ ಹೆಚ್ಚಿನ ಅಂಕ ಪಡೆದ ವಿದ್ಯಾರ್ಥಿಗಳನ್ನು ಸನ್ಮಾನಿಸಲಾಗುವುದು. ಸಮುದಾಯದ ಮುಖಂಡರು, ಜನಪ್ರತಿನಿಧಿಗಳು, ಗಣ್ಯರು ಕಾರ್ಯಕ್ರಮದಲ್ಲಿ ಪಾಲ್ಗೊಳ್ಳಲಿದ್ದಾರೆ.
ವಿದ್ಯುತ್ ಕಂಬಕ್ಕೆ ಕಾರು ಡಿಕ್ಕಿ:
ಇಎಸ್‌ಐ ಆಸ್ಪತ್ರೆ ವೈದ್ಯ ಸಾವು
ಮೈಸೂರು, ಡಿ. 24(ಆರ್‌ಕೆ)- ವಿದ್ಯುತ್ ಕಂಬಕ್ಕೆ ಕಾರು ಡಿಕ್ಕಿ ಹೊಡೆದ ಪರಿಣಾಮ ಇಎಸ್‌ಐ ಆಸ್ಪತ್ರೆಯ ವೈದ್ಯರೊಬ್ಬರು ಸಾವನ್ನಪ್ಪಿರುವ ಘಟನೆ ನಡೆದಿದೆ. ಬೆಳಿಗ್ಗೆ ಆಸ್ಪತ್ರೆಗೆ ತೆರಳುತ್ತಿದ್ದಾಗ ನಿಯಂತ್ರಣ ತಪ್ಪಿದ ಕಾರು ರಸ್ತೆ ಬದಿಯ ವಿದ್ಯುತ್ ಕಂಬಕ್ಕೆ ಡಿಕ್ಕಿ ಹೊಡೆದಿದೆ. ಗಂಭೀರವಾಗಿ ಗಾಯಗೊಂಡ ಅವರನ್ನು ಆಸ್ಪತ್ರೆಗೆ ದಾಖಲಿಸಲಾಯಿತಾದರೂ ಚಿಕಿತ್ಸೆ ಫಲಕಾರಿಯಾಗದೆ ಮೃತಪಟ್ಟರು. ಡಾ. ಶಿವಕುಮಾರ್(35) ಮೃತಪಟ್ಟವರು. ಸಂಚಾರ ಪೊಲೀಸ್ ಠಾಣೆಯಲ್ಲಿ ಪ್ರಕರಣ ದಾಖಲಾಗಿದೆ. ಮೃತರ ನಿಧನಕ್ಕೆ ಆಸ್ಪತ್ರೆಯ ಸಿಬ್ಬಂದಿ ಸಂತಾಪ ಸೂಚಿಸಿದ್ದಾರೆ.
